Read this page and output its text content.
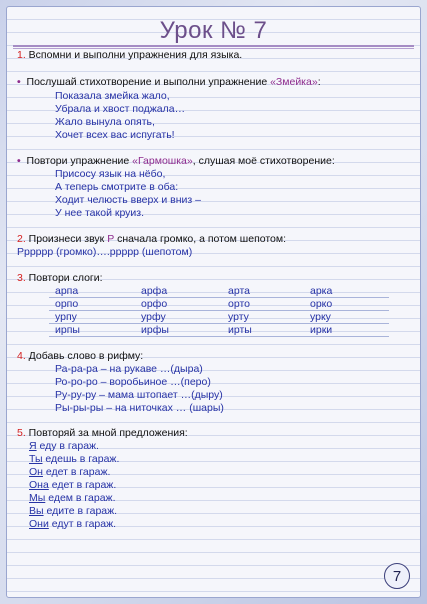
Урок № 7
1. Вспомни и выполни упражнения для языка.
• Послушай стихотворение и выполни упражнение «Змейка»:
Показала змейка жало,
Убрала и хвост поджала…
Жало вынула опять,
Хочет всех вас испугать!
• Повтори упражнение «Гармошка», слушая моё стихотворение:
Присосу язык на нёбо,
А теперь смотрите в оба:
Ходит челюсть вверх и вниз –
У нее такой круиз.
2. Произнеси звук Р сначала громко, а потом шепотом:
Рррррр (громко)….ррррр (шепотом)
3. Повтори слоги:
арпа	арфа	арта	арка
орпо	орфо	орто	орко
урпу	урфу	урту	урку
ирпы	ирфы	ирты	ирки
4. Добавь слово в рифму:
Ра-ра-ра – на рукаве …(дыра)
Ро-ро-ро – воробьиное …(перо)
Ру-ру-ру – мама штопает …(дыру)
Ры-ры-ры – на ниточках … (шары)
5. Повторяй за мной предложения:
Я еду в гараж.
Ты едешь в гараж.
Он едет в гараж.
Она едет в гараж.
Мы едем в гараж.
Вы едите в гараж.
Они едут в гараж.
7
